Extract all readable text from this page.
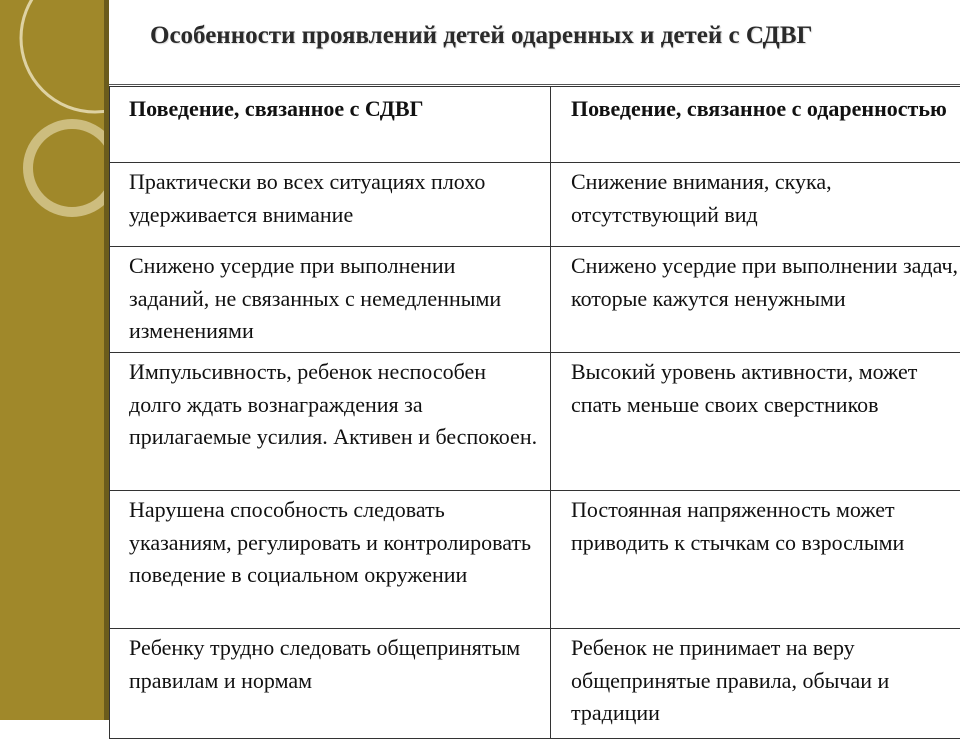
Особенности проявлений детей одаренных и детей с СДВГ
Поведение, связанное с СДВГ	Поведение, связанное с одаренностью
Практически во всех ситуациях плохо удерживается внимание	Снижение внимания, скука, отсутствующий вид
Снижено усердие при выполнении заданий, не связанных с немедленными изменениями	Снижено усердие при выполнении задач, которые кажутся ненужными
Импульсивность, ребенок неспособен долго ждать вознаграждения за прилагаемые усилия. Активен и беспокоен.	Высокий уровень активности, может спать меньше своих сверстников
Нарушена способность следовать указаниям, регулировать и контролировать поведение в социальном окружении	Постоянная напряженность может приводить к стычкам со взрослыми
Ребенку трудно следовать общепринятым правилам и нормам	Ребенок не принимает на веру общепринятые правила, обычаи и традиции
